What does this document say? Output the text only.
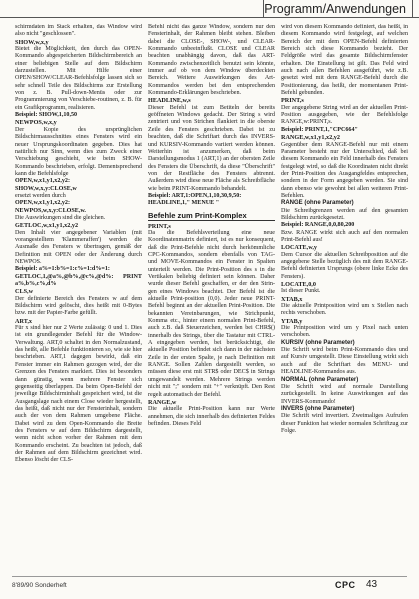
Programm/Anwendungen

schirmdaten im Stack erhalten, das Window wird also nicht "geschlossen".

SHOW,w,x,y

Bietet die Möglichkeit, den durch das OPEN-Kommando abgespeicherten Bildschirmbereich an einer beliebigen Stelle auf dem Bildschirm darzustellen. Mit Hilfe einer OPEN/SHOW/CLEAR-Befehlsfolge lassen sich so sehr schnell Teile des Bildschirms zur Erstellung von z. B. Pull-down-Menüs oder zur Programmierung von Verschiebe-routinen, z. B. für ein Grafikprogramm, realisieren.

Beispiel: SHOW,1,10,50

NEWPOS,w,x,y

Der Kopie des ursprünglichen Bildschirmausschnittes eines Fensters wird ein neuer Ursprungskoordinaten gegeben. Dies hat natürlich nur Sinn, wenn dies zum Zweck einer Verschiebung geschieht, wie beim SHOW-Kommando beschrieben, erfolgt. Dementsprechend kann die Befehlsfolge

OPEN,w,x1,y1,x2,y2:

SHOW,w,x,y:CLOSE,w

ersetzt werden durch

OPEN,w,x1,y1,x2,y2:

NEWPOS,w,x,y:CLOSE,w.

Die Auswirkungen sind die gleichen.

GETLOC,w,x1,y1,x2,y2

Den Inhalt vier angegebener Variablen (mit vorangestelltem 'Klammeraffen') werden die Ausmaße des Fensters w übertragen, gemäß der Definition mit OPEN oder der Änderung durch NEWPOS.

Beispiel: a%=1:b%=1:c%=1:d%=1:

GETLOC,1,@a%,@b%,@c%,@d%: PRINT a%,b%,c%,d%

CLS,w

Der definierte Bereich des Fensters w auf dem Bildschirm wird gelöscht, dies heißt mit 0-Bytes bzw. mit der Papier-Farbe gefüllt.

ART,x

Für x sind hier nur 2 Werte zulässig: 0 und 1. Dies ist ein grundlegender Befehl für die Window-Verwaltung. ART,0 schaltet in den Normalzustand, das heißt, alle Befehle funktionieren so, wie sie hier beschrieben. ART,1 dagegen bewirkt, daß ein Fenster immer ein Rahmen gezogen wird, der die Grenzen des Fensters markiert. Dies ist besonders dann günstig, wenn mehrere Fenster sich gegenseitig überlappen. Da beim Open-Befehl der jeweilige Bildschirminhalt gespeichert wird, ist die Ausgangslage nach einem Close wieder hergestellt, das heißt, daß nicht nur der Fensterinhalt, sondern auch der von dem Rahmen umgebene Fläche. Dabei wird zu dem Open-Kommando die Breite des Fensters w auf dem Bildschirm dargestellt, wenn nicht schon vorher der Rahmen mit dem Kommando erscheint. Zu beachten ist jedoch, daß der Rahmen auf dem Bildschirm gezeichnet wird. Ebenso löscht der CLS-

Befehl nicht das ganze Window, sondern nur den Fensterinhalt, der Rahmen bleibt stehen. Bleiben dabei die CLOSE-, SHOW-, und CLEAR-Kommando unbeeinflußt. CLOSE und CLEAR beachten unabhängig davon, daß das ART-Kommando zwischenzeitlich benutzt sein könnte, immer auf ob von dem Window überdeckten Bereich. Weitere Auswirkungen des Art-Kommandos werden bei den entsprechenden Kommando-Erklärungen beschrieben.

HEADLINE,w,s

Dieser Befehl ist zum Betiteln der bereits geöffneten Windows gedacht. Der String s wird zentriert und von Strichen flankiert in die oberste Zeile des Fensters geschrieben. Dabei ist zu beachten, daß die Schriftart durch das INVERS- und KURSIV-Kommando variiert werden können. Weiterhin ist anzumerken, daß beim Darstellungsmodus 1 (ART,1) an der obersten Zeile des Fensters die Überschrift, da diese "Überschrift" von der Restfläche des Fensters abtrennt. Außerdem wird diese neue Fläche als Schreibfläche wie beim PRINT-Kommando behandelt.

Beispiel: ART,1:OPEN,1,10,30,9,50:

HEADLINE,1," MENUE "

Befehle zum Print-Komplex

PRINT,s

Da die Befehlsverteilung eine neue Koordinatenmatrix definiert, ist es nur konsequent, daß die Print-Befehle nicht durch herkömmliche CPC-Kommandos, sondern ebenfalls von TAG- und MOVE-Kommandos ein Fenster in Spalten unterteilt werden. Die Print-Position des s in die Vertikalen beliebig definiert sein können. Daher wurde dieser Befehl geschaffen, er der den Strin-gen eines Windows beachtet. Der Befehl ist die aktuelle Print-position (0,0). Jeder neue PRINT-Befehl beginnt an der aktuellen Print-Position. Die bekannten Vereinbarungen, wie Strichpunkt, Komma etc., hinter einem normalen Print-Befehl, auch z.B. daß Steuerzeichen, werden bei CHR$() innerhalb des Strings, über die Tastatur mit CTRL-A eingegeben werden, bei berücksichtigt, die aktuelle Position befindet sich dann in der nächsten Zeile in der ersten Spalte, je nach Definition mit RANGE. Sollen Zahlen dargestellt werden, so müssen diese erst mit STR$ oder DEC$ in Strings umgewandelt werden. Mehrere Strings werden nicht mit ";" sondern mit "+" verknüpft. Den Rest regelt automatisch der Befehl.

RANGE,w

Die aktuelle Print-Position kann nur Werte annehmen, die sich innerhalb des definierten Feldes befinden. Dieses Feld

wird von diesem Kommando definiert, das heißt, in diesem Kommando wird festgelegt, auf welchen Bereich der mit dem OPEN-Befehl definierten Bereich sich diese Kommando bezieht. Der Feldgröße wird das gesamte Bildschirmfenster erhalten. Die Einstellung ist gilt. Das Feld wird auch nach allen Befehlen ausgeführt, wie z.B. gesetzt wird mit dem RANGE-Befehl durch die Positionierung, das heißt, der momentanen Print-Befehl gebunden.

PRINT,s

Der angegebene String wird an der aktuellen Print-Position ausgegeben, wie der Befehlsfolge RANGE,w:PRINT,s.

Beispiel: PRINT,1,"CPC664"

RANGE,w,x1,y1,x2,y2

Gegenüber dem RANGE-Befehl nur mit einem Parameter besteht nur der Unterschied, daß bei diesem Kommando ein Feld innerhalb des Fensters festgelegt wird, so daß die Koordinaten nicht direkt der Print-Position des Ausgangfeldes entsprechen, sondern in der Form angegeben werden. Sie sind dann ebenso wie gewohnt bei allen weiteren Print-Befehlen.

RANGE (ohne Parameter)

Die Schreibgrenzen werden auf den gesamten Bildschirm zurückgesetzt.

Beispiel: RANGE,0,0,80,200

Bzw. RANGE wirkt sich auch auf den normalen Print-Befehl aus!

LOCATE,w,y

Dem Cursor die aktuellen Schreibposition auf die angegebene Stelle bezüglich des mit dem RANGE-Befehl definierten Ursprungs (obere linke Ecke des Fensters).

LOCATE,0,0

Ist dieser Punkt.

XTAB,x

Die aktuelle Printposition wird um x Stellen nach rechts verschoben.

YTAB,y

Die Printposition wird um y Pixel nach unten verschoben.

KURSIV (ohne Parameter)

Die Schrift wird beim Print-Kommando dies und auf Kursiv umgestellt. Diese Einstellung wirkt sich auch auf die Schriftart des MENU- und HEADLINE-Kommandos aus.

NORMAL (ohne Parameter)

Die Schrift wird auf normale Darstellung zurückgestellt. In keine Auswirkungen auf das INVERS-Kommando!

INVERS (ohne Parameter)

Die Schrift wird invertiert. Zweimaliges Aufrufen dieser Funktion hat wieder normalen Schriftzug zur Folge.

8'89/90 Sonderheft	CPC 43
